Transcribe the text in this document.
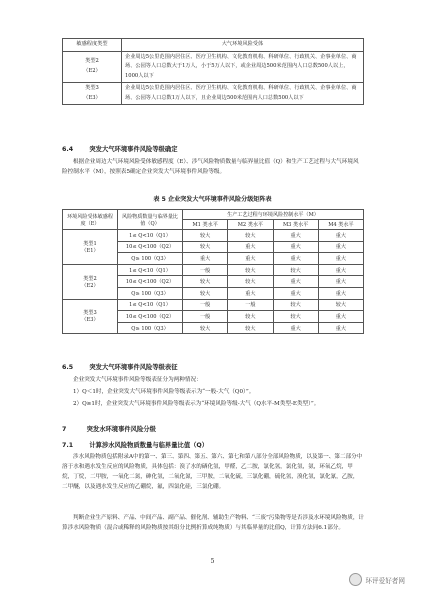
敏感程度类型	大气环境风险受体
类型2
（E2）	企业周边5公里范围内居住区、医疗卫生机构、文化教育机构、科研单位、行政机关、企事业单位、商场、公园等人口总数大于1万人，小于5万人以下，或企业周边500米范围内人口总数500人以上，1000人以下
类型3
（E3）	企业周边5公里范围内居住区、医疗卫生机构、文化教育机构、科研单位、行政机关、企事业单位、商场、公园等人口总数1万人以下，且企业周边500米范围内人口总数500人以下
6.4	突发大气环境事件风险等级确定
根据企业周边大气环境风险受体敏感程度（E）、涉气风险物质数量与临界量比值（Q）和生产工艺过程与大气环境风险控制水平（M），按照表5确定企业突发大气环境事件风险等级。
表 5 企业突发大气环境事件风险分级矩阵表
环境风险受体敏感程度（E）	风险物质数量与临界量比值（Q）	生产工艺过程与环境风险控制水平（M）			
		M1 类水平	M2 类水平	M3 类水平	M4 类水平
类型1
（E1）	1≤ Q<10（Q1）	较大	较大	重大	重大
	10≤ Q<100（Q2）	较大	重大	重大	重大
	Q≥ 100（Q3）	重大	重大	重大	重大
类型2
（E2）	1≤ Q<10（Q1）	一般	较大	较大	重大
	10≤ Q<100（Q2）	较大	较大	重大	重大
	Q≥ 100（Q3）	较大	重大	重大	重大
类型3
（E3）	1≤ Q<10（Q1）	一般	一般	较大	较大
	10≤ Q<100（Q2）	一般	较大	较大	重大
	Q≥ 100（Q3）	较大	较大	重大	重大
6.5	突发大气环境事件风险等级表征
企业突发大气环境事件风险等级表征分为两种情况：
1）Q＜1时，企业突发大气环境事件风险等级表示为“一般-大气（Q0）”。
2）Q≥1时，企业突发大气环境事件风险等级表示为“环境风险等级-大气（Q水平-M类型-E类型）”。
7	突发水环境事件风险分级
7.1	计算涉水风险物质数量与临界量比值（Q）
涉水风险物质包括附录A中的第一、第三、第四、第五、第六、第七和第八部分全部风险物质，以及第一、第二部分中溶于水和遇水发生反应的风险物质，具体包括：溴了水的硒化氢，甲醛，乙二胺，氯化氢，氯化氢，氨，环氧乙烷，甲烷，丁烷，二甲胺，一氧化二氮，砷化氢，二氧化氮，三甲胺，二氧化硫，三氯化硼，硫化氢，溴化氢，氯化氰，乙胺，二甲醚，以及遇水发生反应的乙硼烷，氟，四氯化硅，三氯化硼。
判断企业生产原料、产品、中间产品、副产品、催化剂、辅助生产物料、“三废”污染物等是否涉及水环境风险物质，计算涉水风险物质（混合或稀释的风险物质按其组分比例折算成纯物质）与其临界量的比值Q，计算方法同6.1部分。
5
环评爱好者网
